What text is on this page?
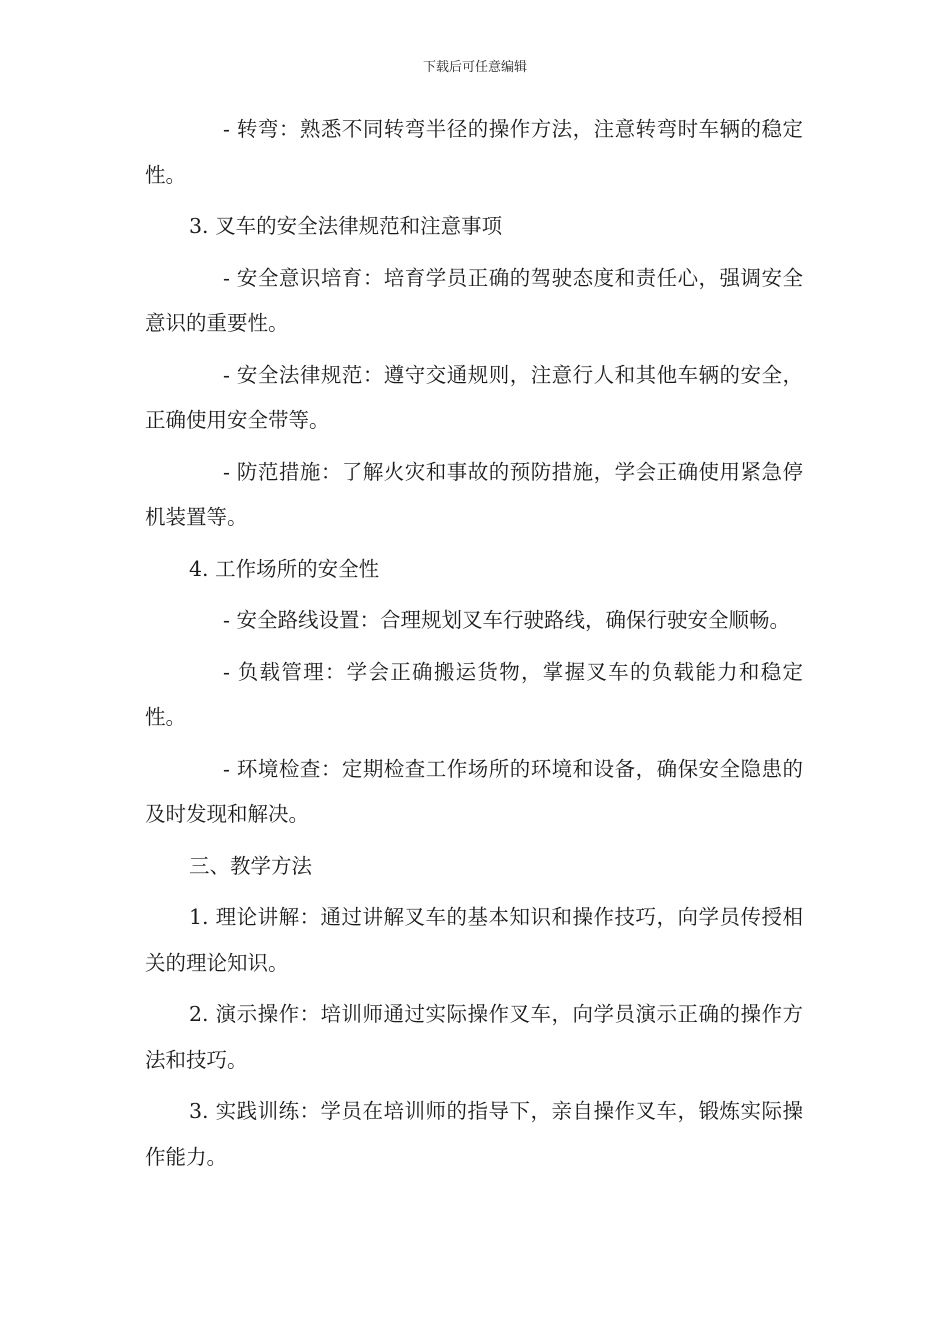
下载后可任意编辑

- 转弯：熟悉不同转弯半径的操作方法，注意转弯时车辆的稳定性。

3. 叉车的安全法律规范和注意事项

- 安全意识培育：培育学员正确的驾驶态度和责任心，强调安全意识的重要性。

- 安全法律规范：遵守交通规则，注意行人和其他车辆的安全，正确使用安全带等。

- 防范措施：了解火灾和事故的预防措施，学会正确使用紧急停机装置等。

4. 工作场所的安全性

- 安全路线设置：合理规划叉车行驶路线，确保行驶安全顺畅。

- 负载管理：学会正确搬运货物，掌握叉车的负载能力和稳定性。

- 环境检查：定期检查工作场所的环境和设备，确保安全隐患的及时发现和解决。

三、教学方法

1. 理论讲解：通过讲解叉车的基本知识和操作技巧，向学员传授相关的理论知识。

2. 演示操作：培训师通过实际操作叉车，向学员演示正确的操作方法和技巧。

3. 实践训练：学员在培训师的指导下，亲自操作叉车，锻炼实际操作能力。
